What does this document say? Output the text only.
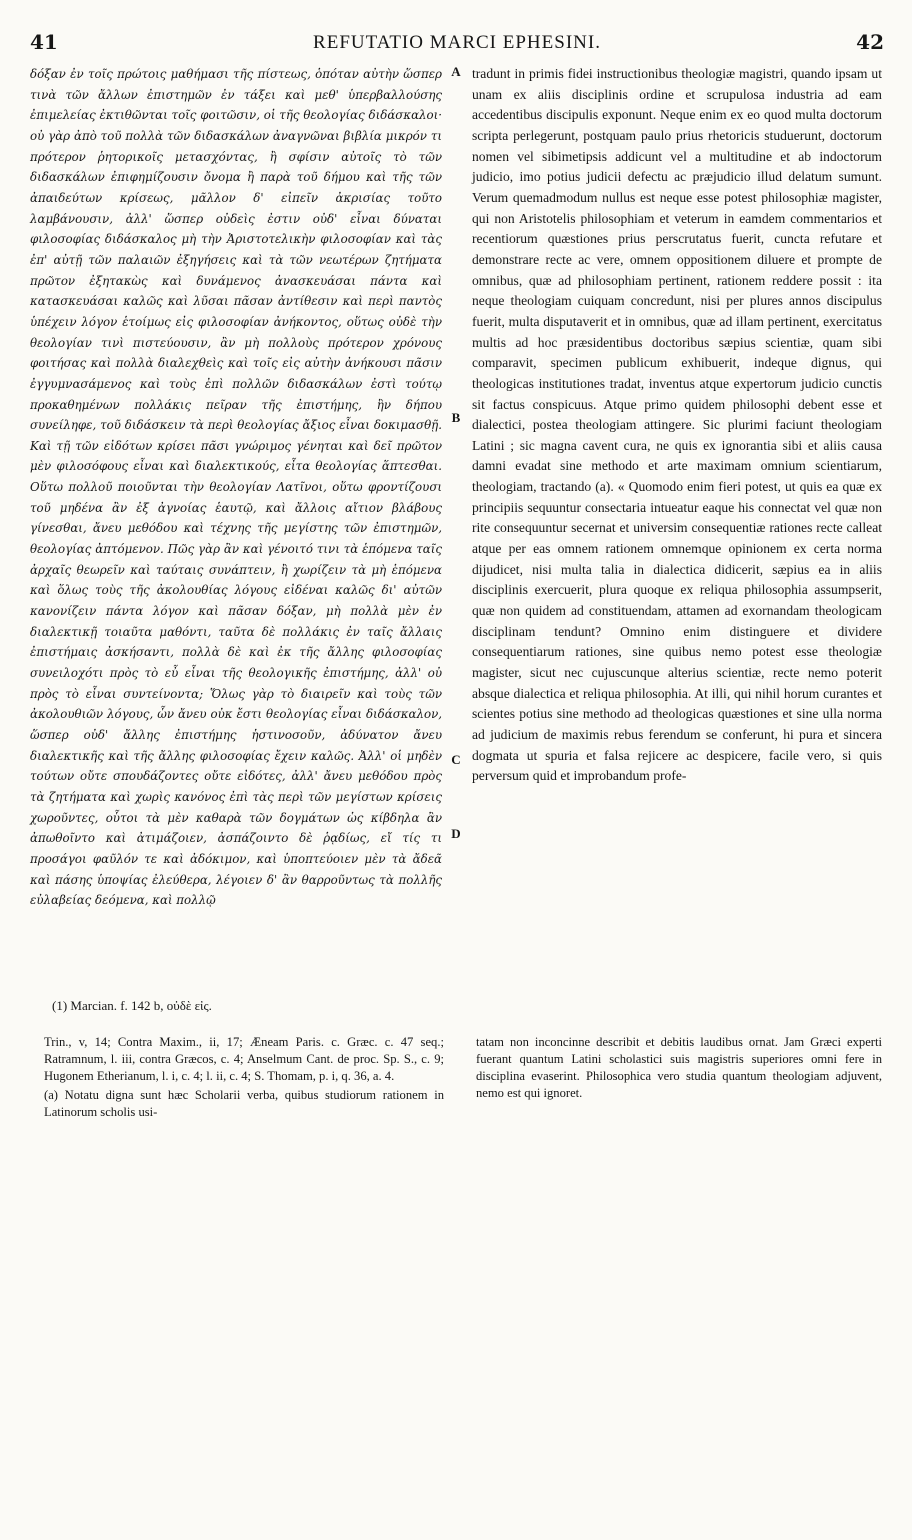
41	REFUTATIO MARCI EPHESINI.	42

δόξαν ἐν τοῖς πρώτοις μαθήμασι τῆς πίστεως, ὁπόταν αὐτὴν ὥσπερ τινὰ τῶν ἄλλων ἐπιστημῶν ἐν τάξει καὶ μεθ' ὑπερβαλλούσης ἐπιμελείας ἐκτιθῶνται τοῖς φοιτῶσιν, οἱ τῆς θεολογίας διδάσκαλοι· οὐ γὰρ ἀπὸ τοῦ πολλὰ τῶν διδασκάλων ἀναγνῶναι βιβλία μικρόν τι πρότερον ῥητορικοῖς μετασχόντας, ἢ σφίσιν αὐτοῖς τὸ τῶν διδασκάλων ἐπιφημίζουσιν ὄνομα ἢ παρὰ τοῦ δήμου καὶ τῆς τῶν ἀπαιδεύτων κρίσεως, μᾶλλον δ' εἰπεῖν ἀκρισίας τοῦτο λαμβάνουσιν, ἀλλ' ὥσπερ οὐδεὶς ἐστιν οὐδ' εἶναι δύναται φιλοσοφίας διδάσκαλος μὴ τὴν Ἀριστοτελικὴν φιλοσοφίαν καὶ τὰς ἐπ' αὐτῇ τῶν παλαιῶν ἐξηγήσεις καὶ τὰ τῶν νεωτέρων ζητήματα πρῶτον ἐξητακὼς καὶ δυνάμενος ἀνασκευάσαι πάντα καὶ κατασκευάσαι καλῶς καὶ λῦσαι πᾶσαν ἀντίθεσιν καὶ περὶ παντὸς ὑπέχειν λόγον ἑτοίμως εἰς φιλοσοφίαν ἀνήκοντος, οὕτως οὐδὲ τὴν θεολογίαν τινὶ πιστεύουσιν, ἂν μὴ πολλοὺς πρότερον χρόνους φοιτήσας καὶ πολλὰ διαλεχθεὶς καὶ τοῖς εἰς αὐτὴν ἀνήκουσι πᾶσιν ἐγγυμνασάμενος καὶ τοὺς ἐπὶ πολλῶν διδασκάλων ἐστὶ τούτῳ προκαθημένων πολλάκις πεῖραν τῆς ἐπιστήμης, ἣν δήπου συνείληφε, τοῦ διδάσκειν τὰ περὶ θεολογίας ἄξιος εἶναι δοκιμασθῇ. Καὶ τῇ τῶν εἰδότων κρίσει πᾶσι γνώριμος γένηται καὶ δεῖ πρῶτον μὲν φιλοσόφους εἶναι καὶ διαλεκτικούς, εἶτα θεολογίας ἅπτεσθαι. Οὕτω πολλοῦ ποιοῦνται τὴν θεολογίαν Λατῖνοι, οὕτω φροντίζουσι τοῦ μηδένα ἂν ἐξ ἀγνοίας ἑαυτῷ, καὶ ἄλλοις αἴτιον βλάβους γίνεσθαι, ἄνευ μεθόδου καὶ τέχνης τῆς μεγίστης τῶν ἐπιστημῶν, θεολογίας ἀπτόμενον. Πῶς γὰρ ἂν καὶ γένοιτό τινι τὰ ἑπόμενα ταῖς ἀρχαῖς θεωρεῖν καὶ ταύταις συνάπτειν, ἢ χωρίζειν τὰ μὴ ἑπόμενα καὶ ὅλως τοὺς τῆς ἀκολουθίας λόγους εἰδέναι καλῶς δι' αὐτῶν κανονίζειν πάντα λόγον καὶ πᾶσαν δόξαν, μὴ πολλὰ μὲν ἐν διαλεκτικῇ τοιαῦτα μαθόντι, ταῦτα δὲ πολλάκις ἐν ταῖς ἄλλαις ἐπιστήμαις ἀσκήσαντι, πολλὰ δὲ καὶ ἐκ τῆς ἄλλης φιλοσοφίας συνειλοχότι πρὸς τὸ εὖ εἶναι τῆς θεολογικῆς ἐπιστήμης, ἀλλ' οὐ πρὸς τὸ εἶναι συντείνοντα; Ὅλως γὰρ τὸ διαιρεῖν καὶ τοὺς τῶν ἀκολουθιῶν λόγους, ὧν ἄνευ οὐκ ἔστι θεολογίας εἶναι διδάσκαλον, ὥσπερ οὐδ' ἄλλης ἐπιστήμης ἡστινοσοῦν, ἀδύνατον ἄνευ διαλεκτικῆς καὶ τῆς ἄλλης φιλοσοφίας ἔχειν καλῶς. Ἀλλ' οἱ μηδὲν τούτων οὔτε σπουδάζοντες οὔτε εἰδότες, ἀλλ' ἄνευ μεθόδου πρὸς τὰ ζητήματα καὶ χωρὶς κανόνος ἐπὶ τὰς περὶ τῶν μεγίστων κρίσεις χωροῦντες, οὗτοι τὰ μὲν καθαρὰ τῶν δογμάτων ὡς κίβδηλα ἂν ἀπωθοῖντο καὶ ἀτιμάζοιεν, ἀσπάζοιντο δὲ ῥᾳδίως, εἴ τίς τι προσάγοι φαῦλόν τε καὶ ἀδόκιμον, καὶ ὑποπτεύοιεν μὲν τὰ ἄδεᾶ καὶ πάσης ὑποψίας ἐλεύθερα, λέγοιεν δ' ἂν θαρροῦντως τὰ πολλῆς εὐλαβείας δεόμενα, καὶ πολλῷ

A
B
C
D

tradunt in primis fidei instructionibus theologiæ magistri, quando ipsam ut unam ex aliis disciplinis ordine et scrupulosa industria ad eam accedentibus discipulis exponunt. Neque enim ex eo quod multa doctorum scripta perlegerunt, postquam paulo prius rhetoricis studuerunt, doctorum nomen vel sibimetipsis addicunt vel a multitudine et ab indoctorum judicio, imo potius judicii defectu ac præjudicio illud delatum sumunt. Verum quemadmodum nullus est neque esse potest philosophiæ magister, qui non Aristotelis philosophiam et veterum in eamdem commentarios et recentiorum quæstiones prius perscrutatus fuerit, cuncta refutare et demonstrare recte ac vere, omnem oppositionem diluere et prompte de omnibus, quæ ad philosophiam pertinent, rationem reddere possit : ita neque theologiam cuiquam concredunt, nisi per plures annos discipulus fuerit, multa disputaverit et in omnibus, quæ ad illam pertinent, exercitatus multis ad hoc præsidentibus doctoribus sæpius scientiæ, quam sibi comparavit, specimen publicum exhibuerit, indeque dignus, qui theologicas institutiones tradat, inventus atque expertorum judicio cunctis sit factus conspicuus. Atque primo quidem philosophi debent esse et dialectici, postea theologiam attingere. Sic plurimi faciunt theologiam Latini ; sic magna cavent cura, ne quis ex ignorantia sibi et aliis causa damni evadat sine methodo et arte maximam omnium scientiarum, theologiam, tractando (a). « Quomodo enim fieri potest, ut quis ea quæ ex principiis sequuntur consectaria intueatur eaque his connectat vel quæ non rite consequuntur secernat et universim consequentiæ rationes recte calleat atque per eas omnem rationem omnemque opinionem ex certa norma dijudicet, nisi multa talia in dialectica didicerit, sæpius ea in aliis disciplinis exercuerit, plura quoque ex reliqua philosophia assumpserit, quæ non quidem ad constituendam, attamen ad exornandam theologicam disciplinam tendunt? Omnino enim distinguere et dividere consequentiarum rationes, sine quibus nemo potest esse theologiæ magister, sicut nec cujuscunque alterius scientiæ, recte nemo poterit absque dialectica et reliqua philosophia. At illi, qui nihil horum curantes et scientes potius sine methodo ad theologicas quæstiones et sine ulla norma ad judicium de maximis rebus ferendum se conferunt, hi pura et sincera dogmata ut spuria et falsa rejicere ac despicere, facile vero, si quis perversum quid et improbandum profe-

(1) Marcian. f. 142 b, οὐδὲ εἰς.

Trin., v, 14; Contra Maxim., ii, 17; Æneam Paris. c. Græc. c. 47 seq.; Ratramnum, l. iii, contra Græcos, c. 4; Anselmum Cant. de proc. Sp. S., c. 9; Hugonem Etherianum, l. i, c. 4; l. ii, c. 4; S. Thomam, p. i, q. 36, a. 4.

(a) Notatu digna sunt hæc Scholarii verba, quibus studiorum rationem in Latinorum scholis usi-

tatam non inconcinne describit et debitis laudibus ornat. Jam Græci experti fuerant quantum Latini scholastici suis magistris superiores omni fere in disciplina evaserint. Philosophica vero studia quantum theologiam adjuvent, nemo est qui ignoret.
